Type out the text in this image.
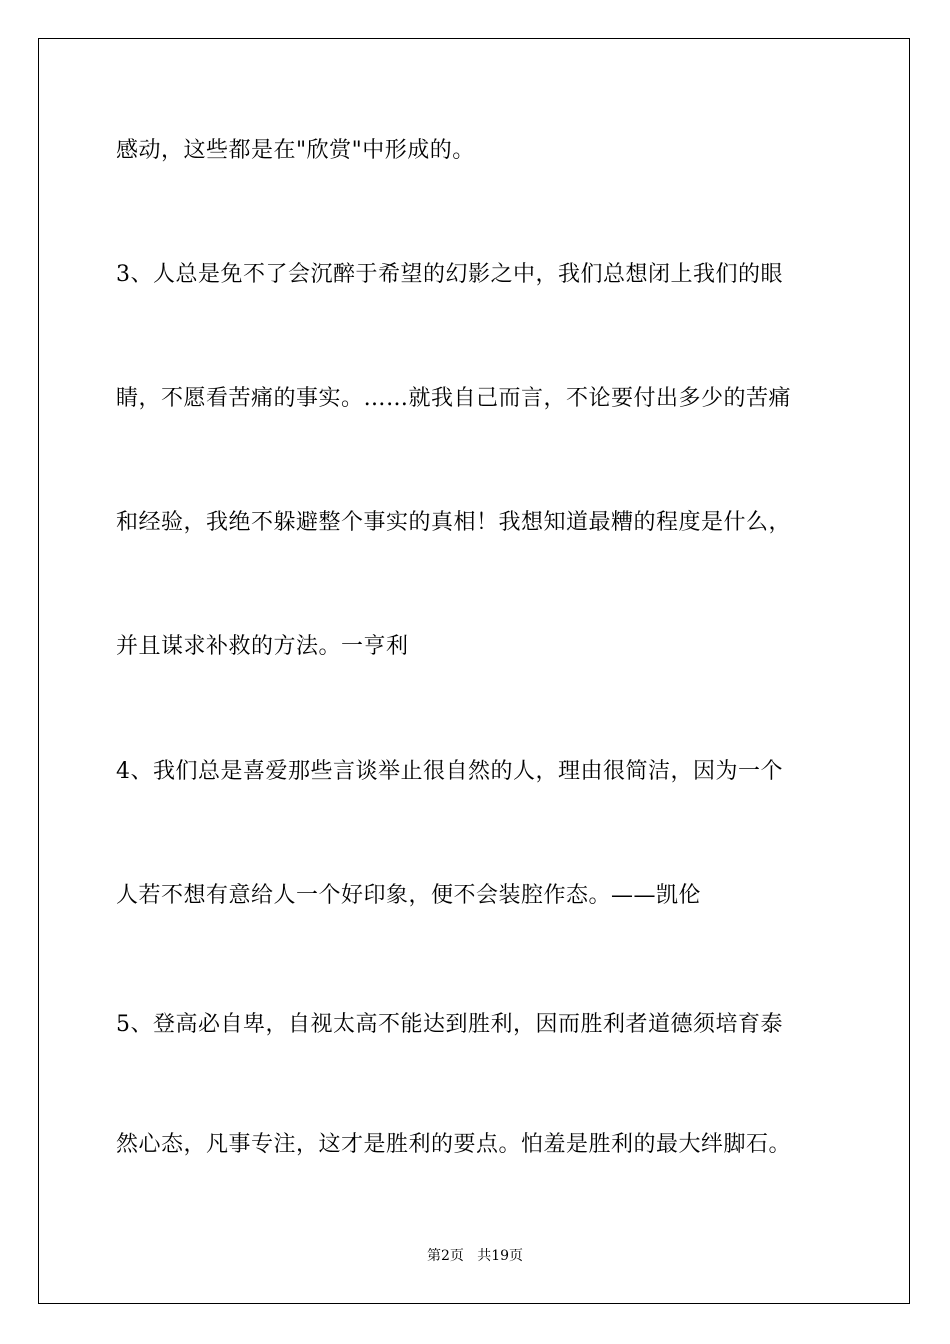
感动，这些都是在"欣赏"中形成的。
3、人总是免不了会沉醉于希望的幻影之中，我们总想闭上我们的眼
睛，不愿看苦痛的事实。……就我自己而言，不论要付出多少的苦痛
和经验，我绝不躲避整个事实的真相！我想知道最糟的程度是什么，
并且谋求补救的方法。一亨利
4、我们总是喜爱那些言谈举止很自然的人，理由很简洁，因为一个
人若不想有意给人一个好印象，便不会装腔作态。——凯伦
5、登高必自卑，自视太高不能达到胜利，因而胜利者道德须培育泰
然心态，凡事专注，这才是胜利的要点。怕羞是胜利的最大绊脚石。
第2页   共19页
